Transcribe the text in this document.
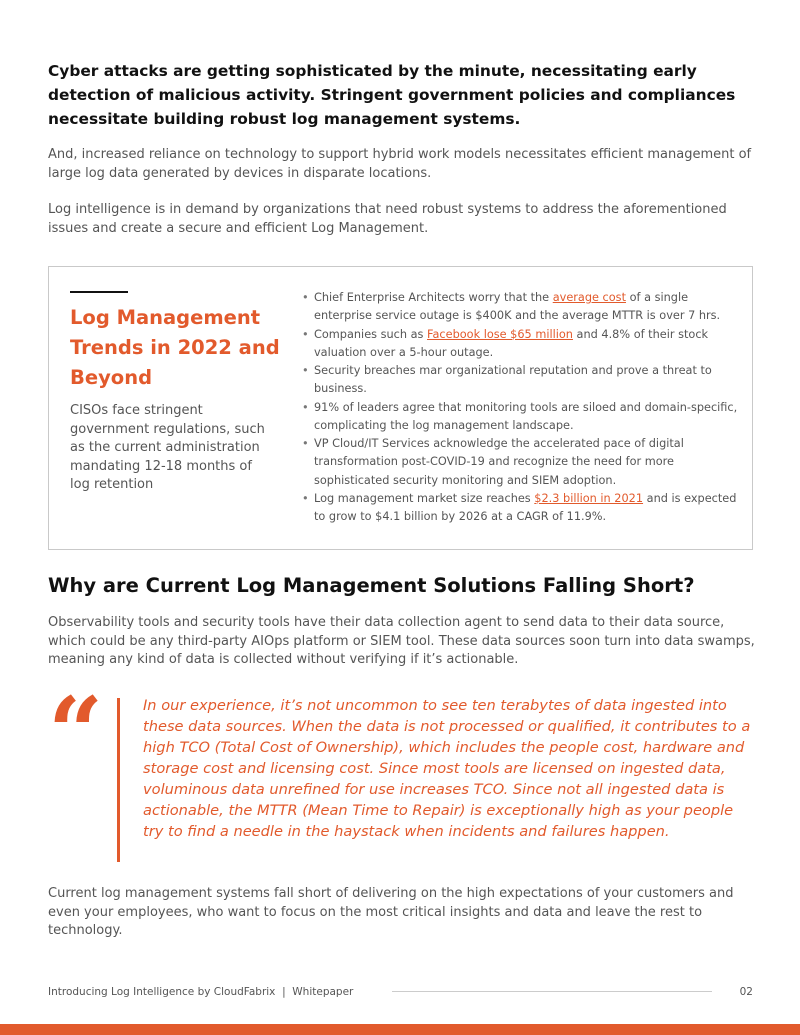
Cyber attacks are getting sophisticated by the minute, necessitating early detection of malicious activity. Stringent government policies and compliances necessitate building robust log management systems.

And, increased reliance on technology to support hybrid work models necessitates efficient management of large log data generated by devices in disparate locations.

Log intelligence is in demand by organizations that need robust systems to address the aforementioned issues and create a secure and efficient Log Management.

Log Management Trends in 2022 and Beyond

CISOs face stringent government regulations, such as the current administration mandating 12-18 months of log retention

• Chief Enterprise Architects worry that the average cost of a single enterprise service outage is $400K and the average MTTR is over 7 hrs.
• Companies such as Facebook lose $65 million and 4.8% of their stock valuation over a 5-hour outage.
• Security breaches mar organizational reputation and prove a threat to business.
• 91% of leaders agree that monitoring tools are siloed and domain-specific, complicating the log management landscape.
• VP Cloud/IT Services acknowledge the accelerated pace of digital transformation post-COVID-19 and recognize the need for more sophisticated security monitoring and SIEM adoption.
• Log management market size reaches $2.3 billion in 2021 and is expected to grow to $4.1 billion by 2026 at a CAGR of 11.9%.
Why are Current Log Management Solutions Falling Short?

Observability tools and security tools have their data collection agent to send data to their data source, which could be any third-party AIOps platform or SIEM tool. These data sources soon turn into data swamps, meaning any kind of data is collected without verifying if it’s actionable.

“	In our experience, it’s not uncommon to see ten terabytes of data ingested into these data sources. When the data is not processed or qualified, it contributes to a high TCO (Total Cost of Ownership), which includes the people cost, hardware and storage cost and licensing cost. Since most tools are licensed on ingested data, voluminous data unrefined for use increases TCO. Since not all ingested data is actionable, the MTTR (Mean Time to Repair) is exceptionally high as your people try to find a needle in the haystack when incidents and failures happen.

Current log management systems fall short of delivering on the high expectations of your customers and even your employees, who want to focus on the most critical insights and data and leave the rest to technology.

Introducing Log Intelligence by CloudFabrix  |  Whitepaper	02
